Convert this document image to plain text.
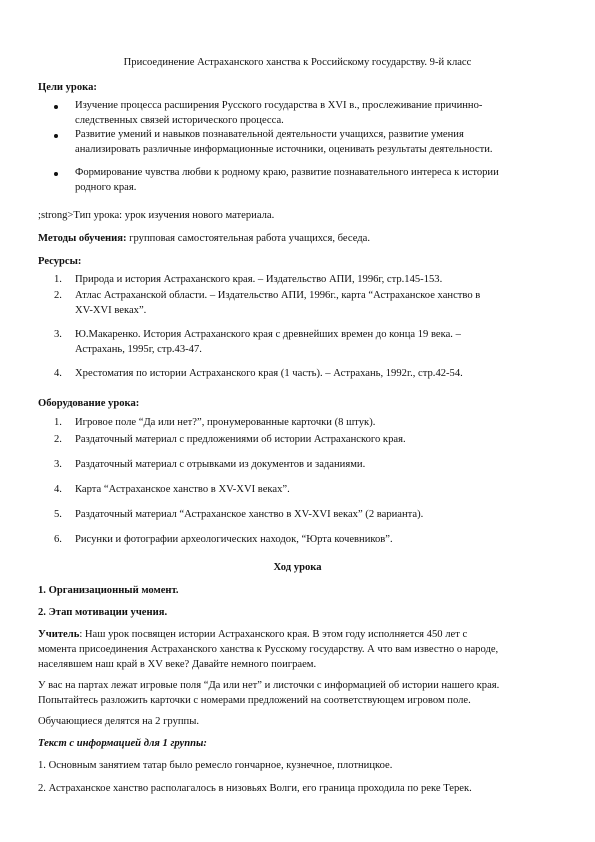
Присоединение Астраханского ханства к Российскому государству. 9-й класс
Цели урока:
Изучение процесса расширения Русского государства в XVI в., прослеживание причинно-
следственных связей исторического процесса.
Развитие умений и навыков познавательной деятельности учащихся, развитие умения
анализировать различные информационные источники, оценивать результаты деятельности.
Формирование чувства любви к родному краю, развитие познавательного интереса к истории
родного края.
;strong>Тип урока: урок изучения нового материала.
Методы обучения: групповая самостоятельная работа учащихся, беседа.
Ресурсы:
1. Природа и история Астраханского края. – Издательство АПИ, 1996г, стр.145-153.
2. Атлас Астраханской области. – Издательство АПИ, 1996г., карта “Астраханское ханство в
XV-XVI веках”.
3. Ю.Макаренко. История Астраханского края с древнейших времен до конца 19 века. –
Астрахань, 1995г, стр.43-47.
4. Хрестоматия по истории Астраханского края (1 часть). – Астрахань, 1992г., стр.42-54.
Оборудование урока:
1. Игровое поле “Да или нет?”, пронумерованные карточки (8 штук).
2. Раздаточный материал с предложениями об истории Астраханского края.
3. Раздаточный материал с отрывками из документов и заданиями.
4. Карта “Астраханское ханство в XV-XVI веках”.
5. Раздаточный материал “Астраханское ханство в XV-XVI веках” (2 варианта).
6. Рисунки и фотографии археологических находок, “Юрта кочевников”.
Ход урока
1. Организационный момент.
2. Этап мотивации учения.
Учитель: Наш урок посвящен истории Астраханского края. В этом году исполняется 450 лет с
момента присоединения Астраханского ханства к Русскому государству. А что вам известно о народе,
населявшем наш край в XV веке? Давайте немного поиграем.
У вас на партах лежат игровые поля “Да или нет” и листочки с информацией об истории нашего края.
Попытайтесь разложить карточки с номерами предложений на соответствующем игровом поле.
Обучающиеся делятся на 2 группы.
Текст с информацией для 1 группы:
1. Основным занятием татар было ремесло гончарное, кузнечное, плотницкое.
2. Астраханское ханство располагалось в низовьях Волги, его граница проходила по реке Терек.
